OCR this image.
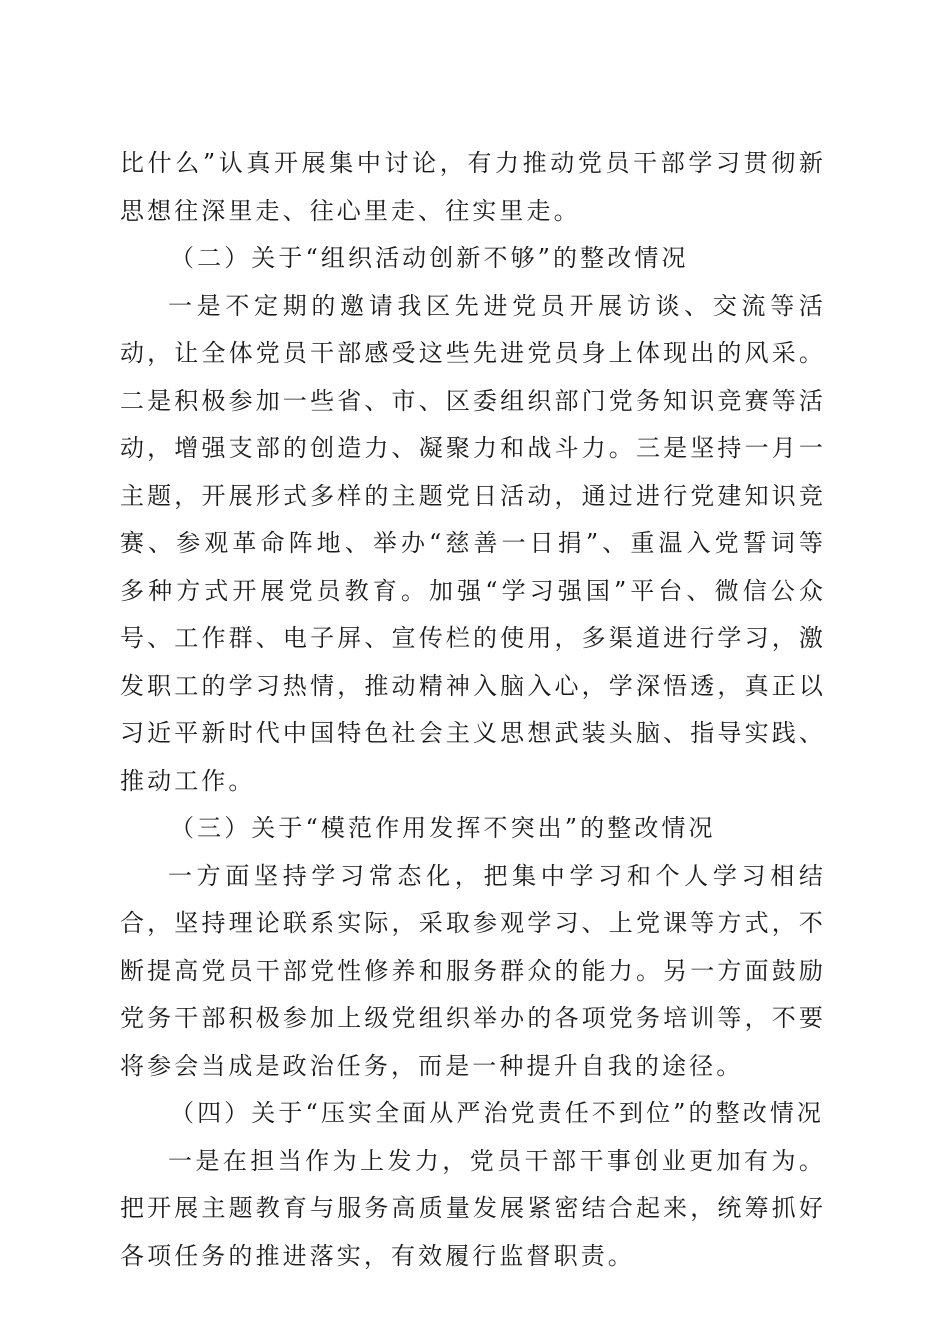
比什么”认真开展集中讨论，有力推动党员干部学习贯彻新思想往深里走、往心里走、往实里走。

（二）关于“组织活动创新不够”的整改情况

一是不定期的邀请我区先进党员开展访谈、交流等活动，让全体党员干部感受这些先进党员身上体现出的风采。二是积极参加一些省、市、区委组织部门党务知识竞赛等活动，增强支部的创造力、凝聚力和战斗力。三是坚持一月一主题，开展形式多样的主题党日活动，通过进行党建知识竞赛、参观革命阵地、举办“慈善一日捐”、重温入党誓词等多种方式开展党员教育。加强“学习强国”平台、微信公众号、工作群、电子屏、宣传栏的使用，多渠道进行学习，激发职工的学习热情，推动精神入脑入心，学深悟透，真正以习近平新时代中国特色社会主义思想武装头脑、指导实践、推动工作。

（三）关于“模范作用发挥不突出”的整改情况

一方面坚持学习常态化，把集中学习和个人学习相结合，坚持理论联系实际，采取参观学习、上党课等方式，不断提高党员干部党性修养和服务群众的能力。另一方面鼓励党务干部积极参加上级党组织举办的各项党务培训等，不要将参会当成是政治任务，而是一种提升自我的途径。

（四）关于“压实全面从严治党责任不到位”的整改情况

一是在担当作为上发力，党员干部干事创业更加有为。把开展主题教育与服务高质量发展紧密结合起来，统筹抓好各项任务的推进落实，有效履行监督职责。
